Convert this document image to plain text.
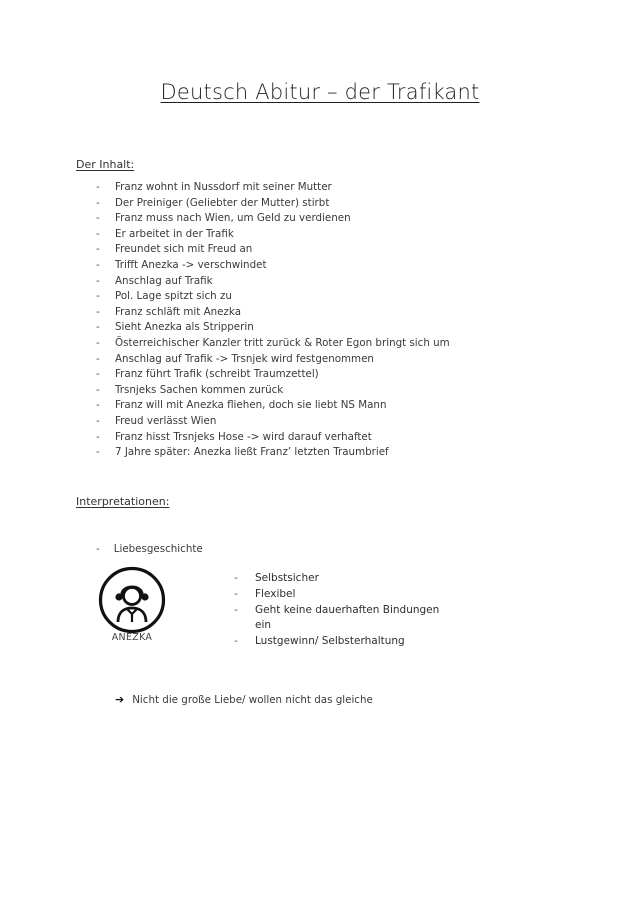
Deutsch Abitur – der Trafikant
Der Inhalt:
- Franz wohnt in Nussdorf mit seiner Mutter
- Der Preiniger (Geliebter der Mutter) stirbt
- Franz muss nach Wien, um Geld zu verdienen
- Er arbeitet in der Trafik
- Freundet sich mit Freud an
- Trifft Anezka -> verschwindet
- Anschlag auf Trafik
- Pol. Lage spitzt sich zu
- Franz schläft mit Anezka
- Sieht Anezka als Stripperin
- Österreichischer Kanzler tritt zurück & Roter Egon bringt sich um
- Anschlag auf Trafik -> Trsnjek wird festgenommen
- Franz führt Trafik (schreibt Traumzettel)
- Trsnjeks Sachen kommen zurück
- Franz will mit Anezka fliehen, doch sie liebt NS Mann
- Freud verlässt Wien
- Franz hisst Trsnjeks Hose -> wird darauf verhaftet
- 7 Jahre später: Anezka ließt Franz’ letzten Traumbrief
Interpretationen:
- Liebesgeschichte
ANEZKA
- Selbstsicher
- Flexibel
- Geht keine dauerhaften Bindungen ein
- Lustgewinn/ Selbsterhaltung
➔ Nicht die große Liebe/ wollen nicht das gleiche
